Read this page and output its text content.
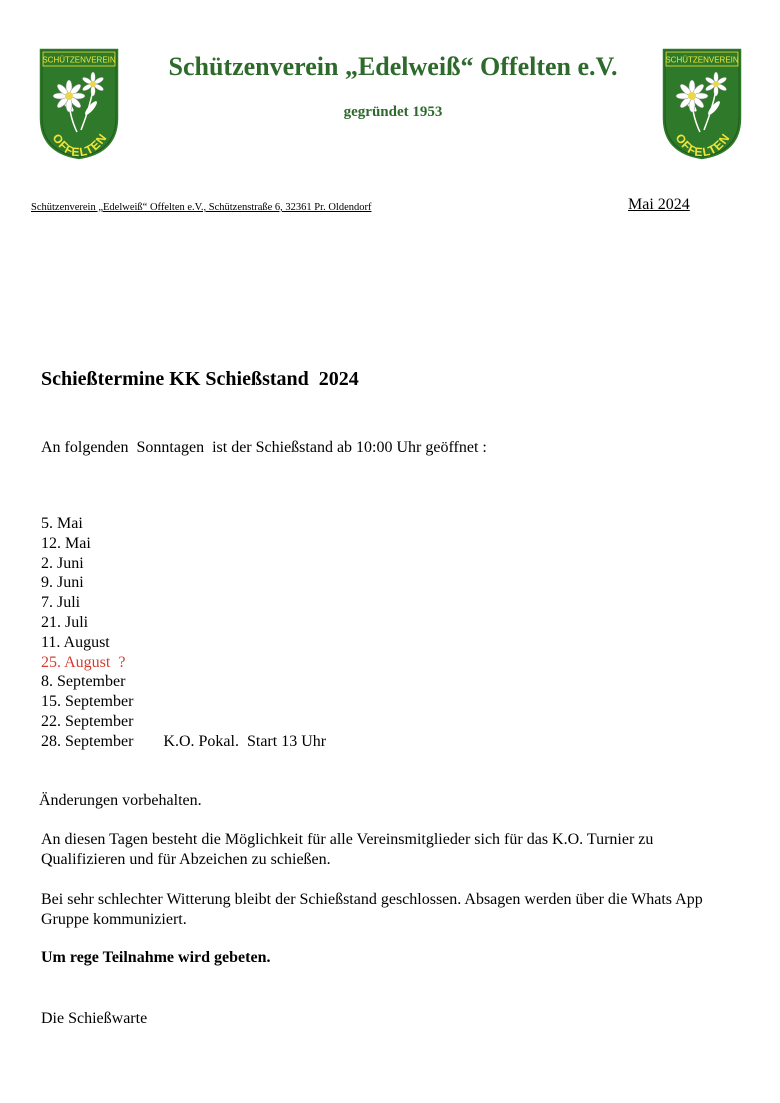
SCHÜTZENVEREIN
OFFELTEN
Schützenverein „Edelweiß“ Offelten e.V.
gegründet 1953
SCHÜTZENVEREIN
OFFELTEN
Schützenverein „Edelweiß“ Offelten e.V., Schützenstraße 6, 32361 Pr. Oldendorf	Mai 2024
Schießtermine KK Schießstand  2024
An folgenden  Sonntagen  ist der Schießstand ab 10:00 Uhr geöffnet :
5. Mai
12. Mai
2. Juni
9. Juni
7. Juli
21. Juli
11. August
25. August  ?
8. September
15. September
22. September
28. September K.O. Pokal.  Start 13 Uhr
Änderungen vorbehalten.
An diesen Tagen besteht die Möglichkeit für alle Vereinsmitglieder sich für das K.O. Turnier zu Qualifizieren und für Abzeichen zu schießen.
Bei sehr schlechter Witterung bleibt der Schießstand geschlossen. Absagen werden über die Whats App Gruppe kommuniziert.
Um rege Teilnahme wird gebeten.
Die Schießwarte
